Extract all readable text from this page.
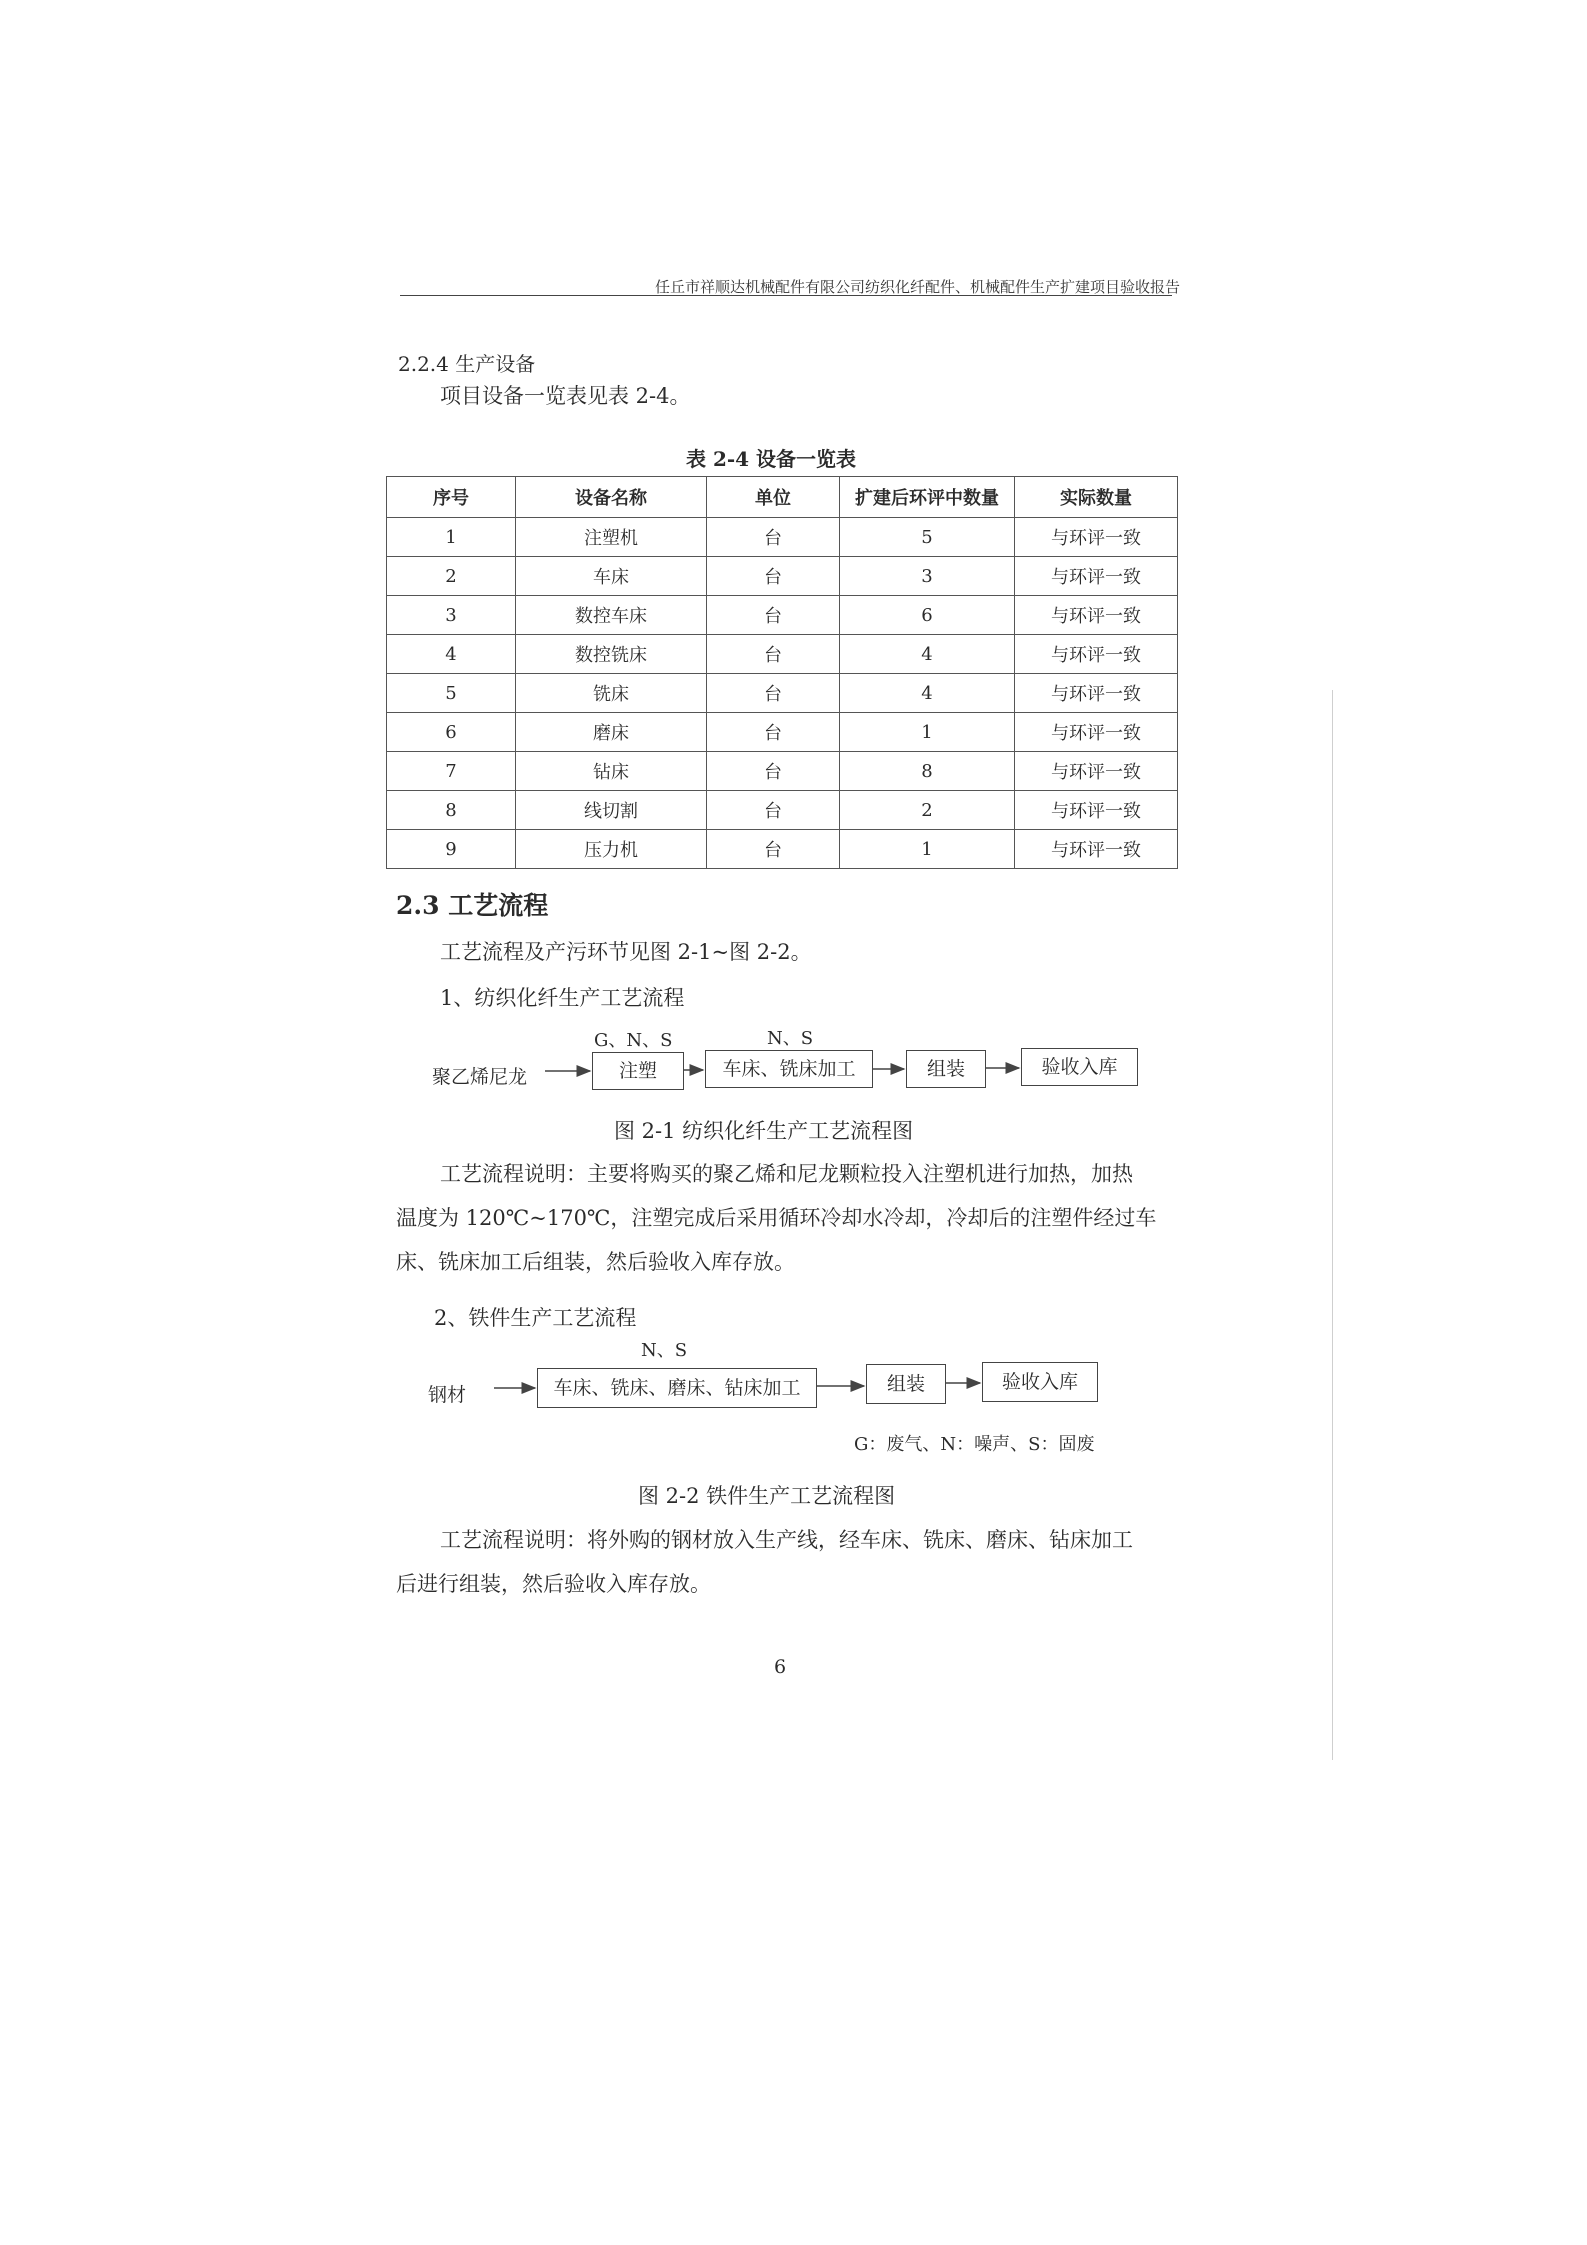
任丘市祥顺达机械配件有限公司纺织化纤配件、机械配件生产扩建项目验收报告
2.2.4 生产设备
项目设备一览表见表 2-4。
表 2-4 设备一览表
序号	设备名称	单位	扩建后环评中数量	实际数量
1	注塑机	台	5	与环评一致
2	车床	台	3	与环评一致
3	数控车床	台	6	与环评一致
4	数控铣床	台	4	与环评一致
5	铣床	台	4	与环评一致
6	磨床	台	1	与环评一致
7	钻床	台	8	与环评一致
8	线切割	台	2	与环评一致
9	压力机	台	1	与环评一致
2.3 工艺流程
工艺流程及产污环节见图 2-1~图 2-2。
1、纺织化纤生产工艺流程
G、N、S	N、S
聚乙烯尼龙	注塑	车床、铣床加工	组装	验收入库
图 2-1 纺织化纤生产工艺流程图
工艺流程说明：主要将购买的聚乙烯和尼龙颗粒投入注塑机进行加热，加热
温度为 120℃~170℃，注塑完成后采用循环冷却水冷却，冷却后的注塑件经过车
床、铣床加工后组装，然后验收入库存放。
2、铁件生产工艺流程
N、S
钢材	车床、铣床、磨床、钻床加工	组装	验收入库
G：废气、N：噪声、S：固废
图 2-2 铁件生产工艺流程图
工艺流程说明：将外购的钢材放入生产线，经车床、铣床、磨床、钻床加工
后进行组装，然后验收入库存放。
6
